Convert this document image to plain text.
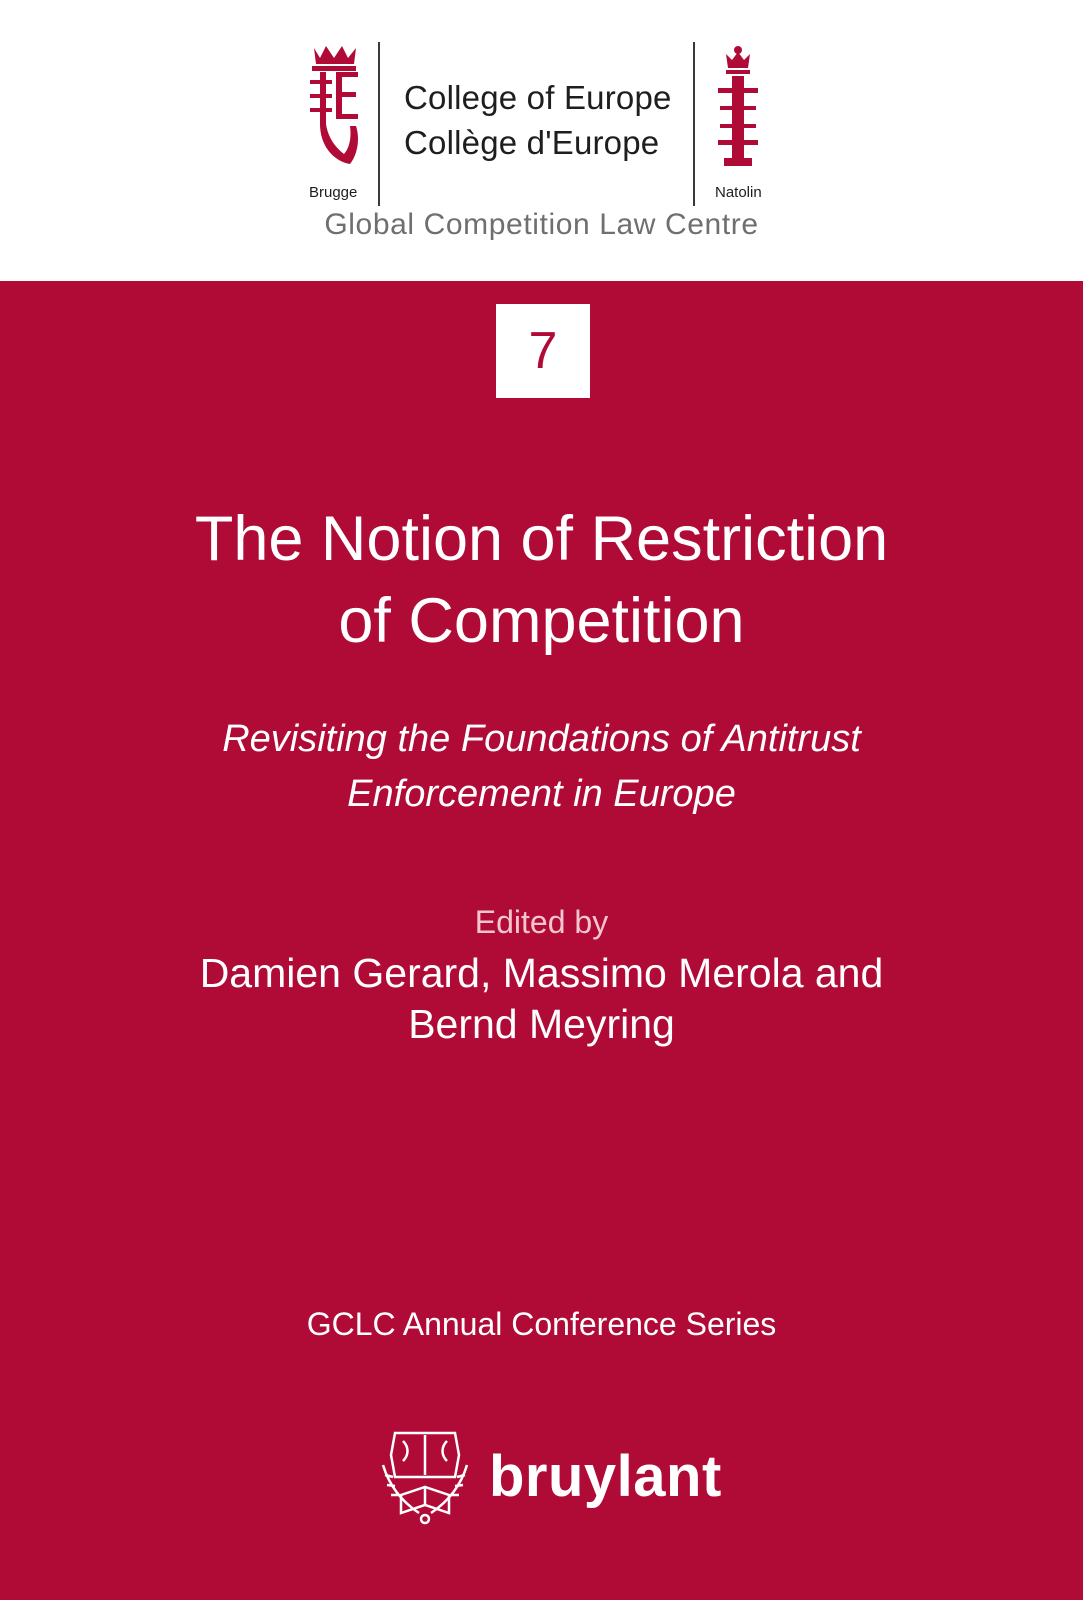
College of Europe
Collège d'Europe
Brugge	Natolin
Global Competition Law Centre
7
The Notion of Restriction
of Competition
Revisiting the Foundations of Antitrust
Enforcement in Europe
Edited by
Damien Gerard, Massimo Merola and
Bernd Meyring
GCLC Annual Conference Series
bruylant
